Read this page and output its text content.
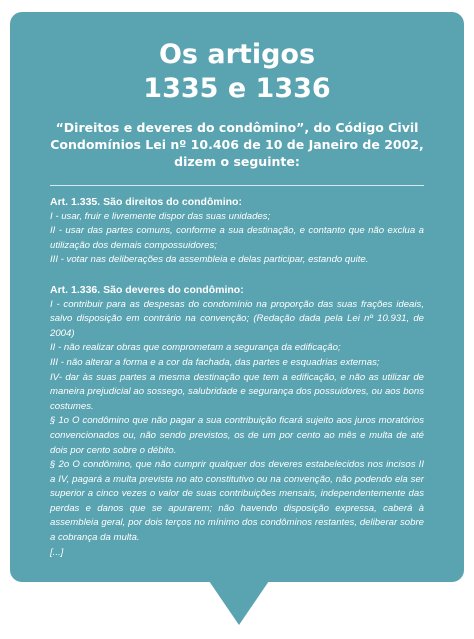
Os artigos
1335 e 1336
“Direitos e deveres do condômino”, do Código Civil
Condomínios Lei nº 10.406 de 10 de Janeiro de 2002,
dizem o seguinte:

Art. 1.335. São direitos do condômino:

I - usar, fruir e livremente dispor das suas unidades;

II - usar das partes comuns, conforme a sua destinação, e contanto que não exclua a utilização dos demais compossuidores;

III - votar nas deliberações da assembleia e delas participar, estando quite.

Art. 1.336. São deveres do condômino:

I - contribuir para as despesas do condomínio na proporção das suas frações ideais, salvo disposição em contrário na convenção; (Redação dada pela Lei nº 10.931, de 2004)

II - não realizar obras que comprometam a segurança da edificação;

III - não alterar a forma e a cor da fachada, das partes e esquadrias externas;

IV- dar às suas partes a mesma destinação que tem a edificação, e não as utilizar de maneira prejudicial ao sossego, salubridade e segurança dos possuidores, ou aos bons costumes.

§ 1o O condômino que não pagar a sua contribuição ficará sujeito aos juros moratórios convencionados ou, não sendo previstos, os de um por cento ao mês e multa de até dois por cento sobre o débito.

§ 2o O condômino, que não cumprir qualquer dos deveres estabelecidos nos incisos II a IV, pagará a multa prevista no ato constitutivo ou na convenção, não podendo ela ser superior a cinco vezes o valor de suas contribuições mensais, independentemente das perdas e danos que se apurarem; não havendo disposição expressa, caberá à assembleia geral, por dois terços no mínimo dos condôminos restantes, deliberar sobre a cobrança da multa.

[...]
